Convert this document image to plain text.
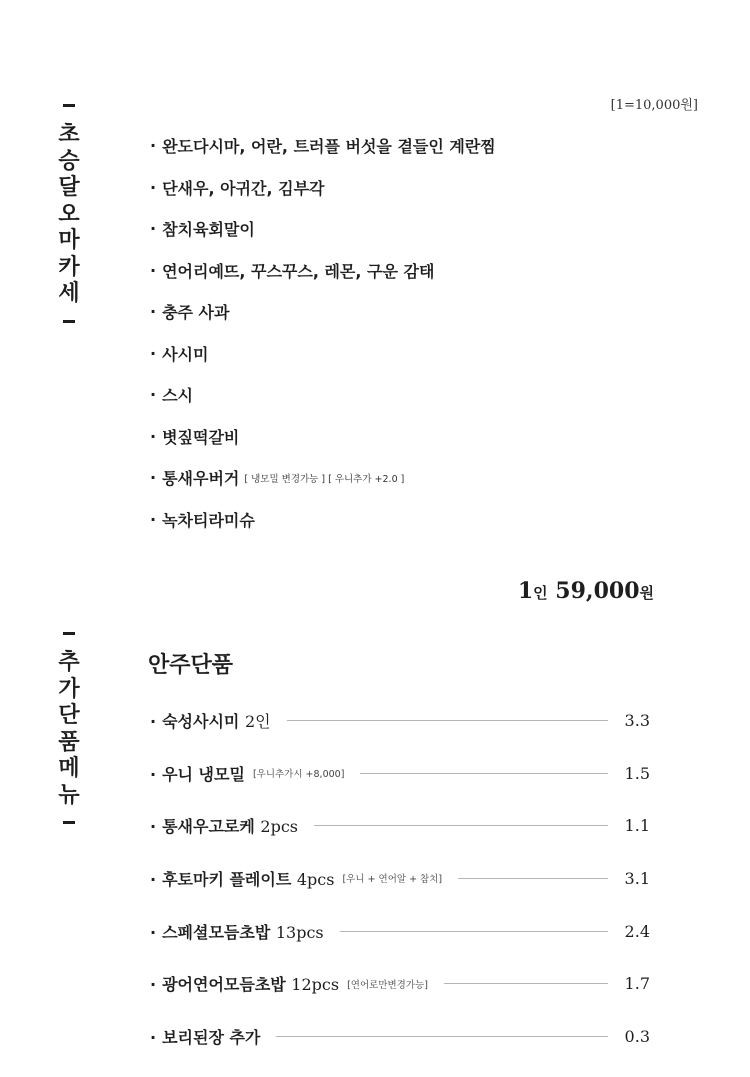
초
승
달
오
마
카
세
[1=10,000원]
· 완도다시마, 어란, 트러플 버섯을 곁들인 계란찜
· 단새우, 아귀간, 김부각
· 참치육회말이
· 연어리예뜨, 꾸스꾸스, 레몬, 구운 감태
· 충주 사과
· 사시미
· 스시
· 볏짚떡갈비
· 통새우버거 [ 냉모밀 변경가능 ] [ 우니추가 +2.0 ]
· 녹차티라미슈
1인 59,000원
추
가
단
품
메
뉴
안주단품
· 숙성사시미 2인	3.3
· 우니 냉모밀 [우니추가시 +8,000]	1.5
· 통새우고로케 2pcs	1.1
· 후토마키 플레이트 4pcs [우니 + 연어알 + 참치]	3.1
· 스페셜모듬초밥 13pcs	2.4
· 광어연어모듬초밥 12pcs [연어로만변경가능]	1.7
· 보리된장 추가	0.3
